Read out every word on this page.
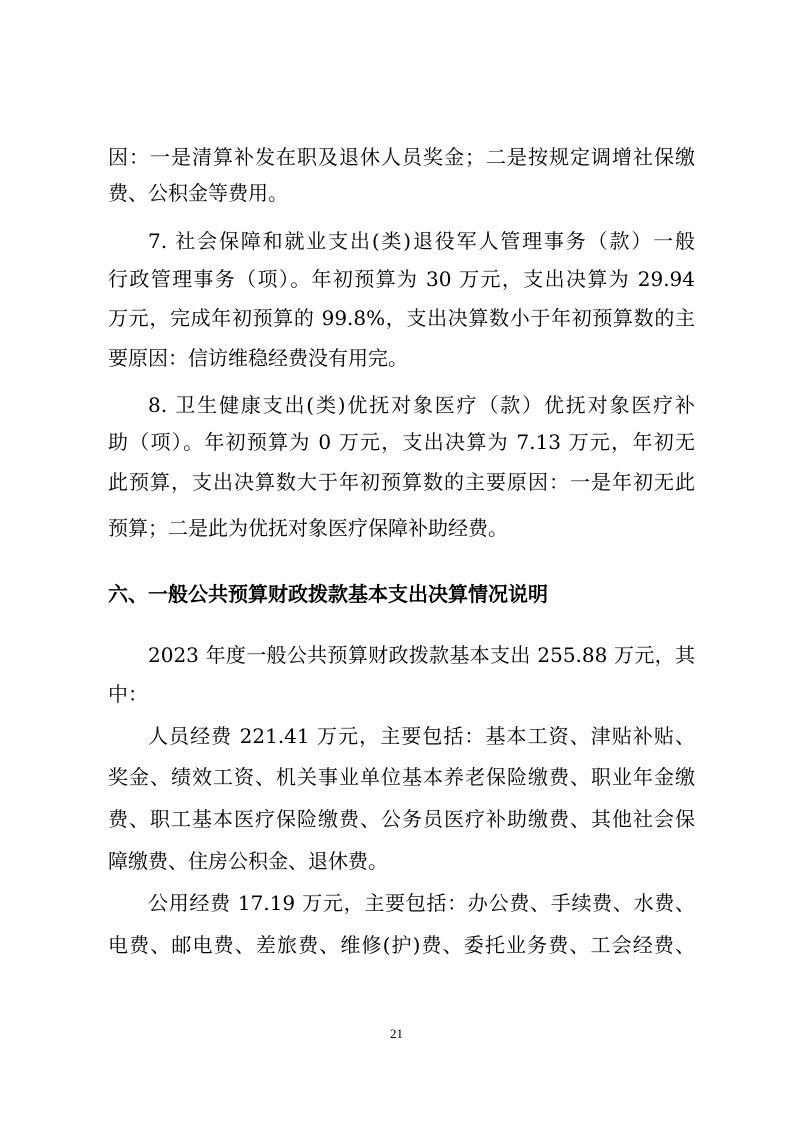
因：一是清算补发在职及退休人员奖金；二是按规定调增社保缴
费、公积金等费用。
7. 社会保障和就业支出(类)退役军人管理事务（款）一般
行政管理事务（项）。年初预算为 30 万元，支出决算为 29.94
万元，完成年初预算的 99.8%，支出决算数小于年初预算数的主
要原因：信访维稳经费没有用完。
8. 卫生健康支出(类)优抚对象医疗（款）优抚对象医疗补
助（项）。年初预算为 0 万元，支出决算为 7.13 万元，年初无
此预算，支出决算数大于年初预算数的主要原因：一是年初无此
预算；二是此为优抚对象医疗保障补助经费。
六、一般公共预算财政拨款基本支出决算情况说明
2023 年度一般公共预算财政拨款基本支出 255.88 万元，其
中：
人员经费 221.41 万元，主要包括：基本工资、津贴补贴、
奖金、绩效工资、机关事业单位基本养老保险缴费、职业年金缴
费、职工基本医疗保险缴费、公务员医疗补助缴费、其他社会保
障缴费、住房公积金、退休费。
公用经费 17.19 万元，主要包括：办公费、手续费、水费、
电费、邮电费、差旅费、维修(护)费、委托业务费、工会经费、
21
